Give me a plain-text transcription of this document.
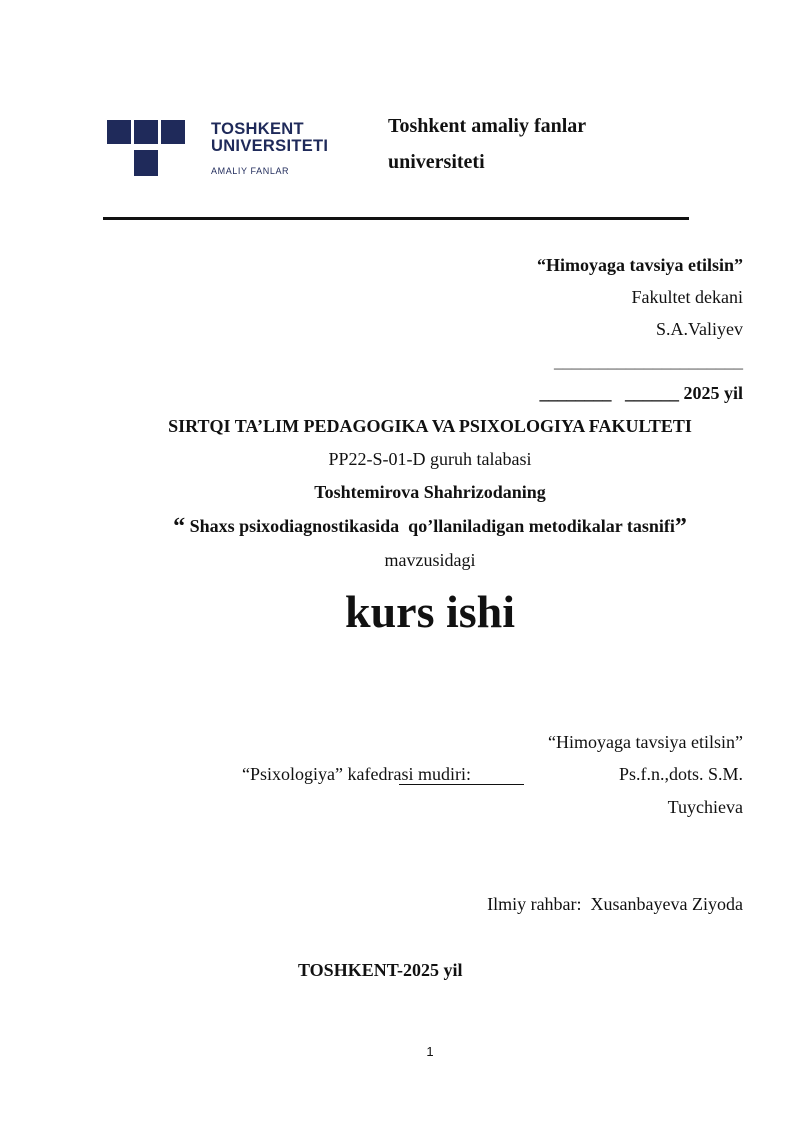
TOSHKENT
UNIVERSITETI
AMALIY FANLAR
Toshkent amaliy fanlar
universiteti
“Himoyaga tavsiya etilsin”
Fakultet dekani
S.A.Valiyev
_____________________
________   ______ 2025 yil
SIRTQI TA’LIM PEDAGOGIKA VA PSIXOLOGIYA FAKULTETI
PP22-S-01-D guruh talabasi
Toshtemirova Shahrizodaning
“ Shaxs psixodiagnostikasida  qo’llaniladigan metodikalar tasnifi”
mavzusidagi
kurs ishi
“Himoyaga tavsiya etilsin”
“Psixologiya” kafedrasi mudiri:	Ps.f.n.,dots. S.M.
Tuychieva
Ilmiy rahbar:  Xusanbayeva Ziyoda
TOSHKENT-2025 yil
1
